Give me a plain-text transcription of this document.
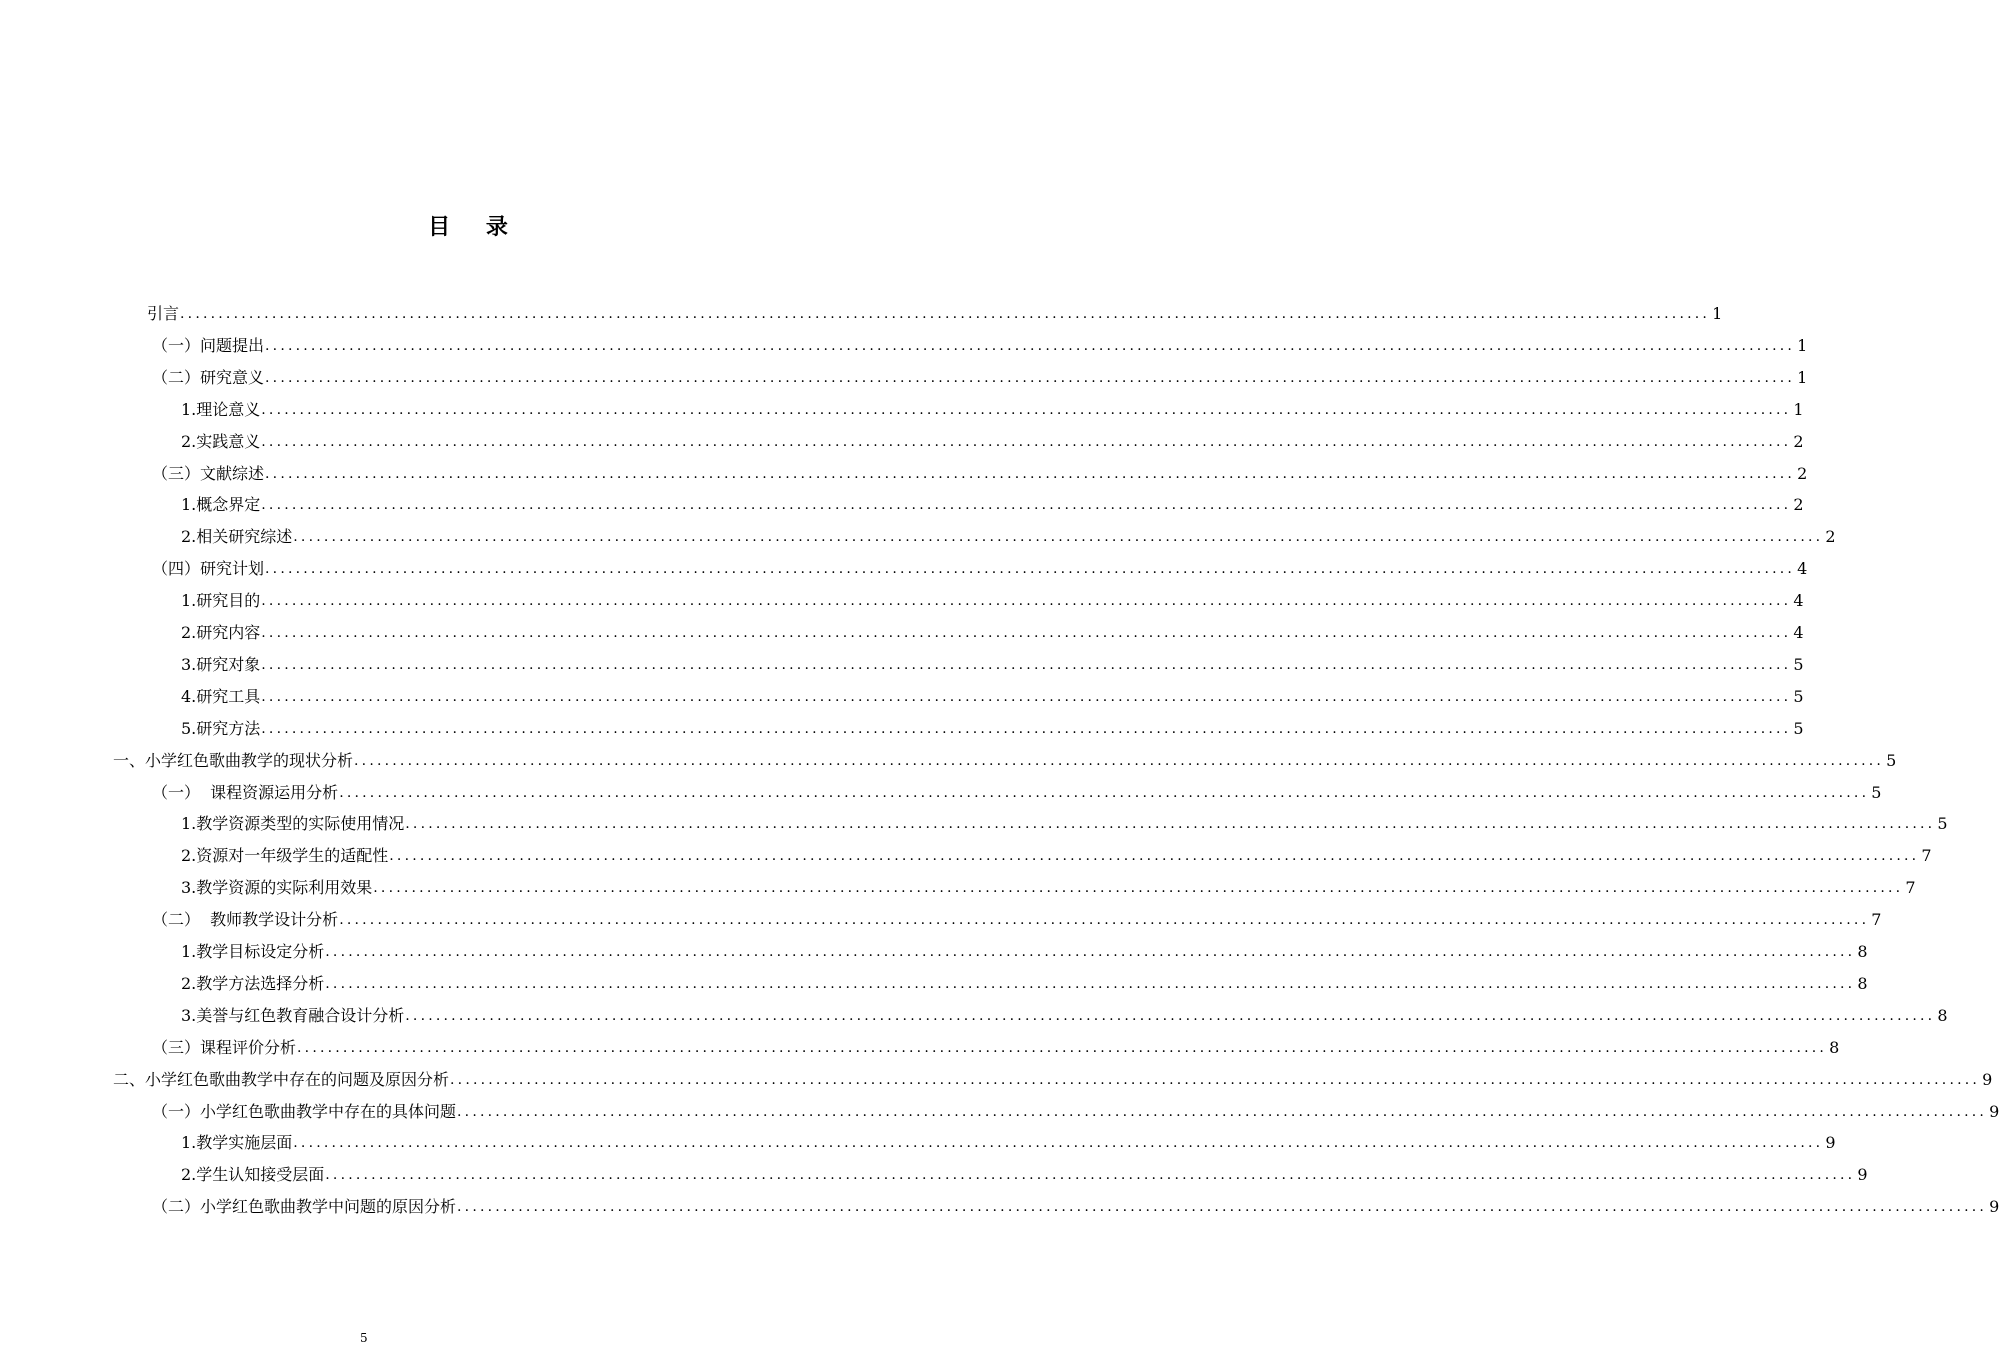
目 录
引言 ........................................................................................................................................................................................................ 1
（一）问题提出 ........................................................................................................................................................................................................ 1
（二）研究意义 ........................................................................................................................................................................................................ 1
1.理论意义 ........................................................................................................................................................................................................ 1
2.实践意义 ........................................................................................................................................................................................................ 2
（三）文献综述 ........................................................................................................................................................................................................ 2
1.概念界定 ........................................................................................................................................................................................................ 2
2.相关研究综述 ........................................................................................................................................................................................................ 2
（四）研究计划 ........................................................................................................................................................................................................ 4
1.研究目的 ........................................................................................................................................................................................................ 4
2.研究内容 ........................................................................................................................................................................................................ 4
3.研究对象 ........................................................................................................................................................................................................ 5
4.研究工具 ........................................................................................................................................................................................................ 5
5.研究方法 ........................................................................................................................................................................................................ 5
一、小学红色歌曲教学的现状分析 ........................................................................................................................................................................................................ 5
（一）  课程资源运用分析 ........................................................................................................................................................................................................ 5
1.教学资源类型的实际使用情况 ........................................................................................................................................................................................................ 5
2.资源对一年级学生的适配性 ........................................................................................................................................................................................................ 7
3.教学资源的实际利用效果 ........................................................................................................................................................................................................ 7
（二）  教师教学设计分析 ........................................................................................................................................................................................................ 7
1.教学目标设定分析 ........................................................................................................................................................................................................ 8
2.教学方法选择分析 ........................................................................................................................................................................................................ 8
3.美誉与红色教育融合设计分析 ........................................................................................................................................................................................................ 8
（三）课程评价分析 ........................................................................................................................................................................................................ 8
二、小学红色歌曲教学中存在的问题及原因分析 ........................................................................................................................................................................................................ 9
（一）小学红色歌曲教学中存在的具体问题 ........................................................................................................................................................................................................ 9
1.教学实施层面 ........................................................................................................................................................................................................ 9
2.学生认知接受层面 ........................................................................................................................................................................................................ 9
（二）小学红色歌曲教学中问题的原因分析 ........................................................................................................................................................................................................ 9
5
